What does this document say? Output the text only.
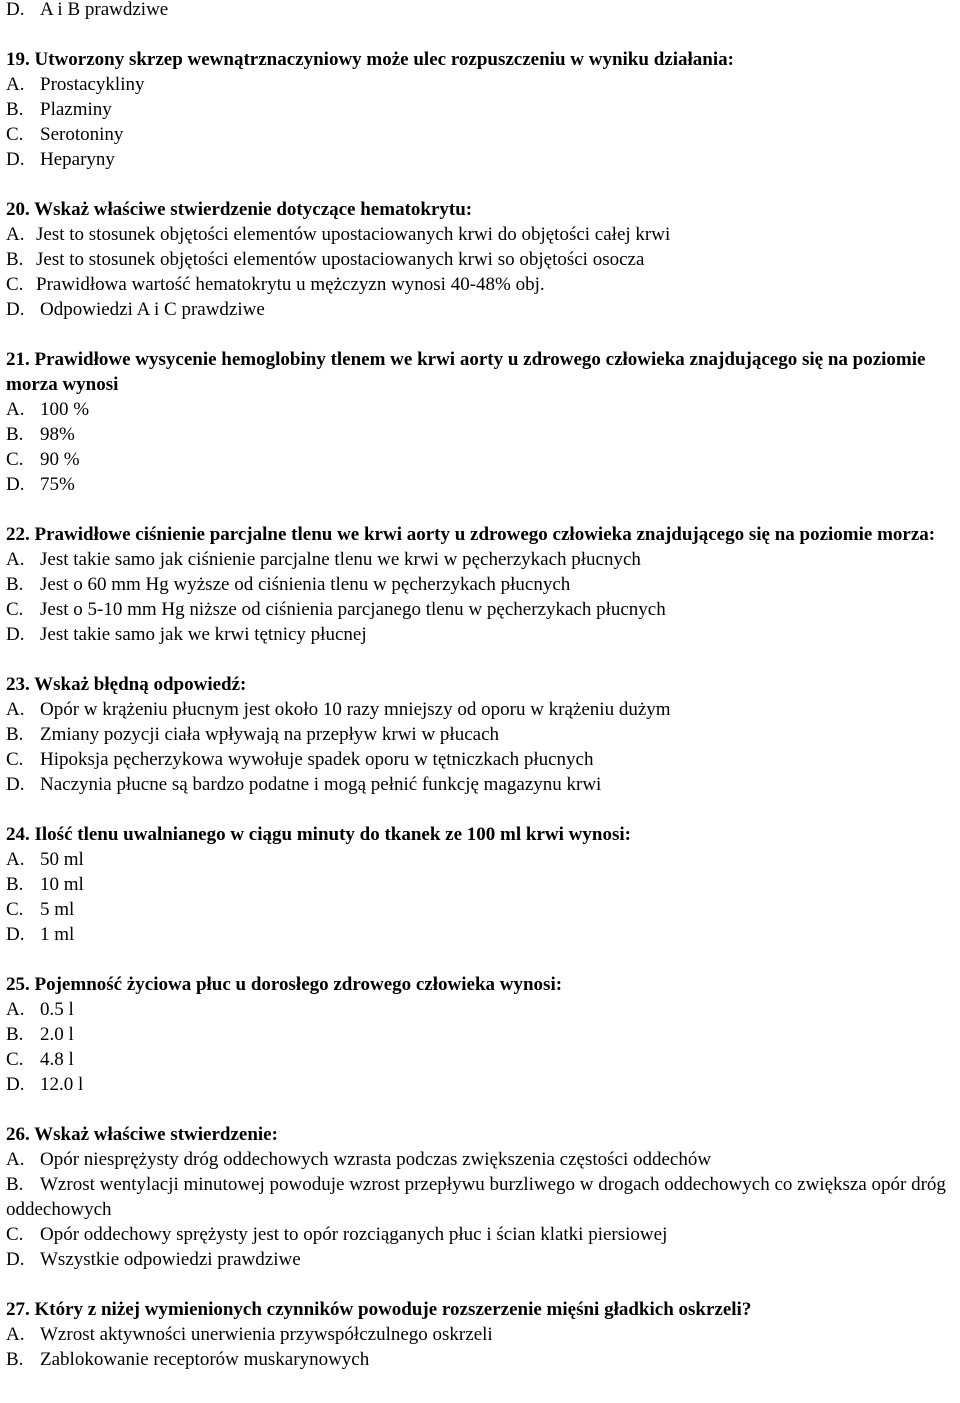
D. A i B prawdziwe
19. Utworzony skrzep wewnątrznaczyniowy może ulec rozpuszczeniu w wyniku działania:
A. Prostacykliny
B. Plazminy
C. Serotoniny
D. Heparyny
20. Wskaż właściwe stwierdzenie dotyczące hematokrytu:
A. Jest to stosunek objętości elementów upostaciowanych krwi do objętości całej krwi
B. Jest to stosunek objętości elementów upostaciowanych krwi so objętości osocza
C. Prawidłowa wartość hematokrytu u mężczyzn wynosi 40-48% obj.
D. Odpowiedzi A i C prawdziwe
21. Prawidłowe wysycenie hemoglobiny tlenem we krwi aorty u zdrowego człowieka znajdującego się na poziomie morza wynosi
A. 100 %
B. 98%
C. 90 %
D. 75%
22. Prawidłowe ciśnienie parcjalne tlenu we krwi aorty u zdrowego człowieka znajdującego się na poziomie morza:
A. Jest takie samo jak ciśnienie parcjalne tlenu we krwi w pęcherzykach płucnych
B. Jest o 60 mm Hg wyższe od ciśnienia tlenu w pęcherzykach płucnych
C. Jest o 5-10 mm Hg niższe od ciśnienia parcjanego tlenu w pęcherzykach płucnych
D. Jest takie samo jak we krwi tętnicy płucnej
23. Wskaż błędną odpowiedź:
A. Opór w krążeniu płucnym jest około 10 razy mniejszy od oporu w krążeniu dużym
B. Zmiany pozycji ciała wpływają na przepływ krwi w płucach
C. Hipoksja pęcherzykowa wywołuje spadek oporu w tętniczkach płucnych
D. Naczynia płucne są bardzo podatne i mogą pełnić funkcję magazynu krwi
24. Ilość tlenu uwalnianego w ciągu minuty do tkanek ze 100 ml krwi wynosi:
A. 50 ml
B. 10 ml
C. 5 ml
D. 1 ml
25. Pojemność życiowa płuc u dorosłego zdrowego człowieka wynosi:
A. 0.5 l
B. 2.0 l
C. 4.8 l
D. 12.0 l
26. Wskaż właściwe stwierdzenie:
A. Opór niesprężysty dróg oddechowych wzrasta podczas zwiększenia częstości oddechów
B. Wzrost wentylacji minutowej powoduje wzrost przepływu burzliwego w drogach oddechowych co zwiększa opór dróg oddechowych
C. Opór oddechowy sprężysty jest to opór rozciąganych płuc i ścian klatki piersiowej
D. Wszystkie odpowiedzi prawdziwe
27. Który z niżej wymienionych czynników powoduje rozszerzenie mięśni gładkich oskrzeli?
A. Wzrost aktywności unerwienia przywspółczulnego oskrzeli
B. Zablokowanie receptorów muskarynowych
